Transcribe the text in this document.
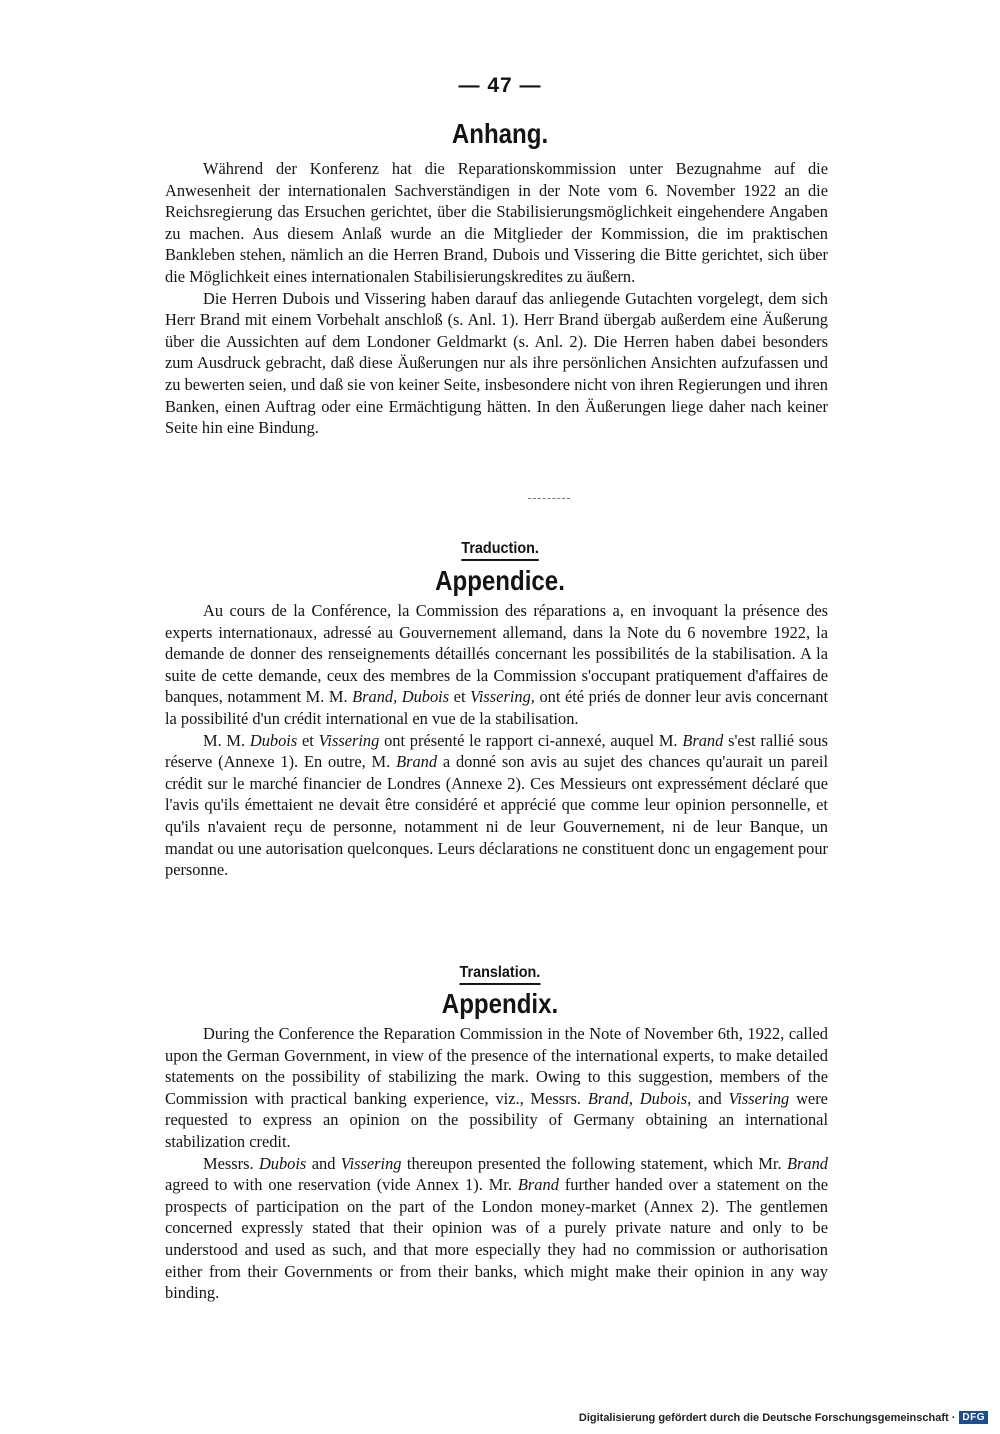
— 47 —
Anhang.

Während der Konferenz hat die Reparationskommission unter Bezugnahme auf die Anwesenheit der internationalen Sachverständigen in der Note vom 6. November 1922 an die Reichsregierung das Ersuchen gerichtet, über die Stabilisierungsmöglichkeit eingehendere Angaben zu machen. Aus diesem Anlaß wurde an die Mitglieder der Kommission, die im praktischen Bankleben stehen, nämlich an die Herren Brand, Dubois und Vissering die Bitte gerichtet, sich über die Möglichkeit eines internationalen Stabilisierungskredites zu äußern.

Die Herren Dubois und Vissering haben darauf das anliegende Gutachten vorgelegt, dem sich Herr Brand mit einem Vorbehalt anschloß (s. Anl. 1). Herr Brand übergab außerdem eine Äußerung über die Aussichten auf dem Londoner Geldmarkt (s. Anl. 2). Die Herren haben dabei besonders zum Ausdruck gebracht, daß diese Äußerungen nur als ihre persönlichen Ansichten aufzufassen und zu bewerten seien, und daß sie von keiner Seite, insbesondere nicht von ihren Regierungen und ihren Banken, einen Auftrag oder eine Ermächtigung hätten. In den Äußerungen liege daher nach keiner Seite hin eine Bindung.

Traduction.
Appendice.

Au cours de la Conférence, la Commission des réparations a, en invoquant la présence des experts internationaux, adressé au Gouvernement allemand, dans la Note du 6 novembre 1922, la demande de donner des renseignements détaillés concernant les possibilités de la stabilisation. A la suite de cette demande, ceux des membres de la Commission s'occupant pratiquement d'affaires de banques, notamment M. M. Brand, Dubois et Vissering, ont été priés de donner leur avis concernant la possibilité d'un crédit international en vue de la stabilisation.

M. M. Dubois et Vissering ont présenté le rapport ci-annexé, auquel M. Brand s'est rallié sous réserve (Annexe 1). En outre, M. Brand a donné son avis au sujet des chances qu'aurait un pareil crédit sur le marché financier de Londres (Annexe 2). Ces Messieurs ont expressément déclaré que l'avis qu'ils émettaient ne devait être considéré et apprécié que comme leur opinion personnelle, et qu'ils n'avaient reçu de personne, notamment ni de leur Gouvernement, ni de leur Banque, un mandat ou une autorisation quelconques. Leurs déclarations ne constituent donc un engagement pour personne.

Translation.
Appendix.

During the Conference the Reparation Commission in the Note of November 6th, 1922, called upon the German Government, in view of the presence of the international experts, to make detailed statements on the possibility of stabilizing the mark. Owing to this suggestion, members of the Commission with practical banking experience, viz., Messrs. Brand, Dubois, and Vissering were requested to express an opinion on the possibility of Germany obtaining an international stabilization credit.

Messrs. Dubois and Vissering thereupon presented the following statement, which Mr. Brand agreed to with one reservation (vide Annex 1). Mr. Brand further handed over a statement on the prospects of participation on the part of the London money-market (Annex 2). The gentlemen concerned expressly stated that their opinion was of a purely private nature and only to be understood and used as such, and that more especially they had no commission or authorisation either from their Governments or from their banks, which might make their opinion in any way binding.

Digitalisierung gefördert durch die Deutsche Forschungsgemeinschaft · DFG
